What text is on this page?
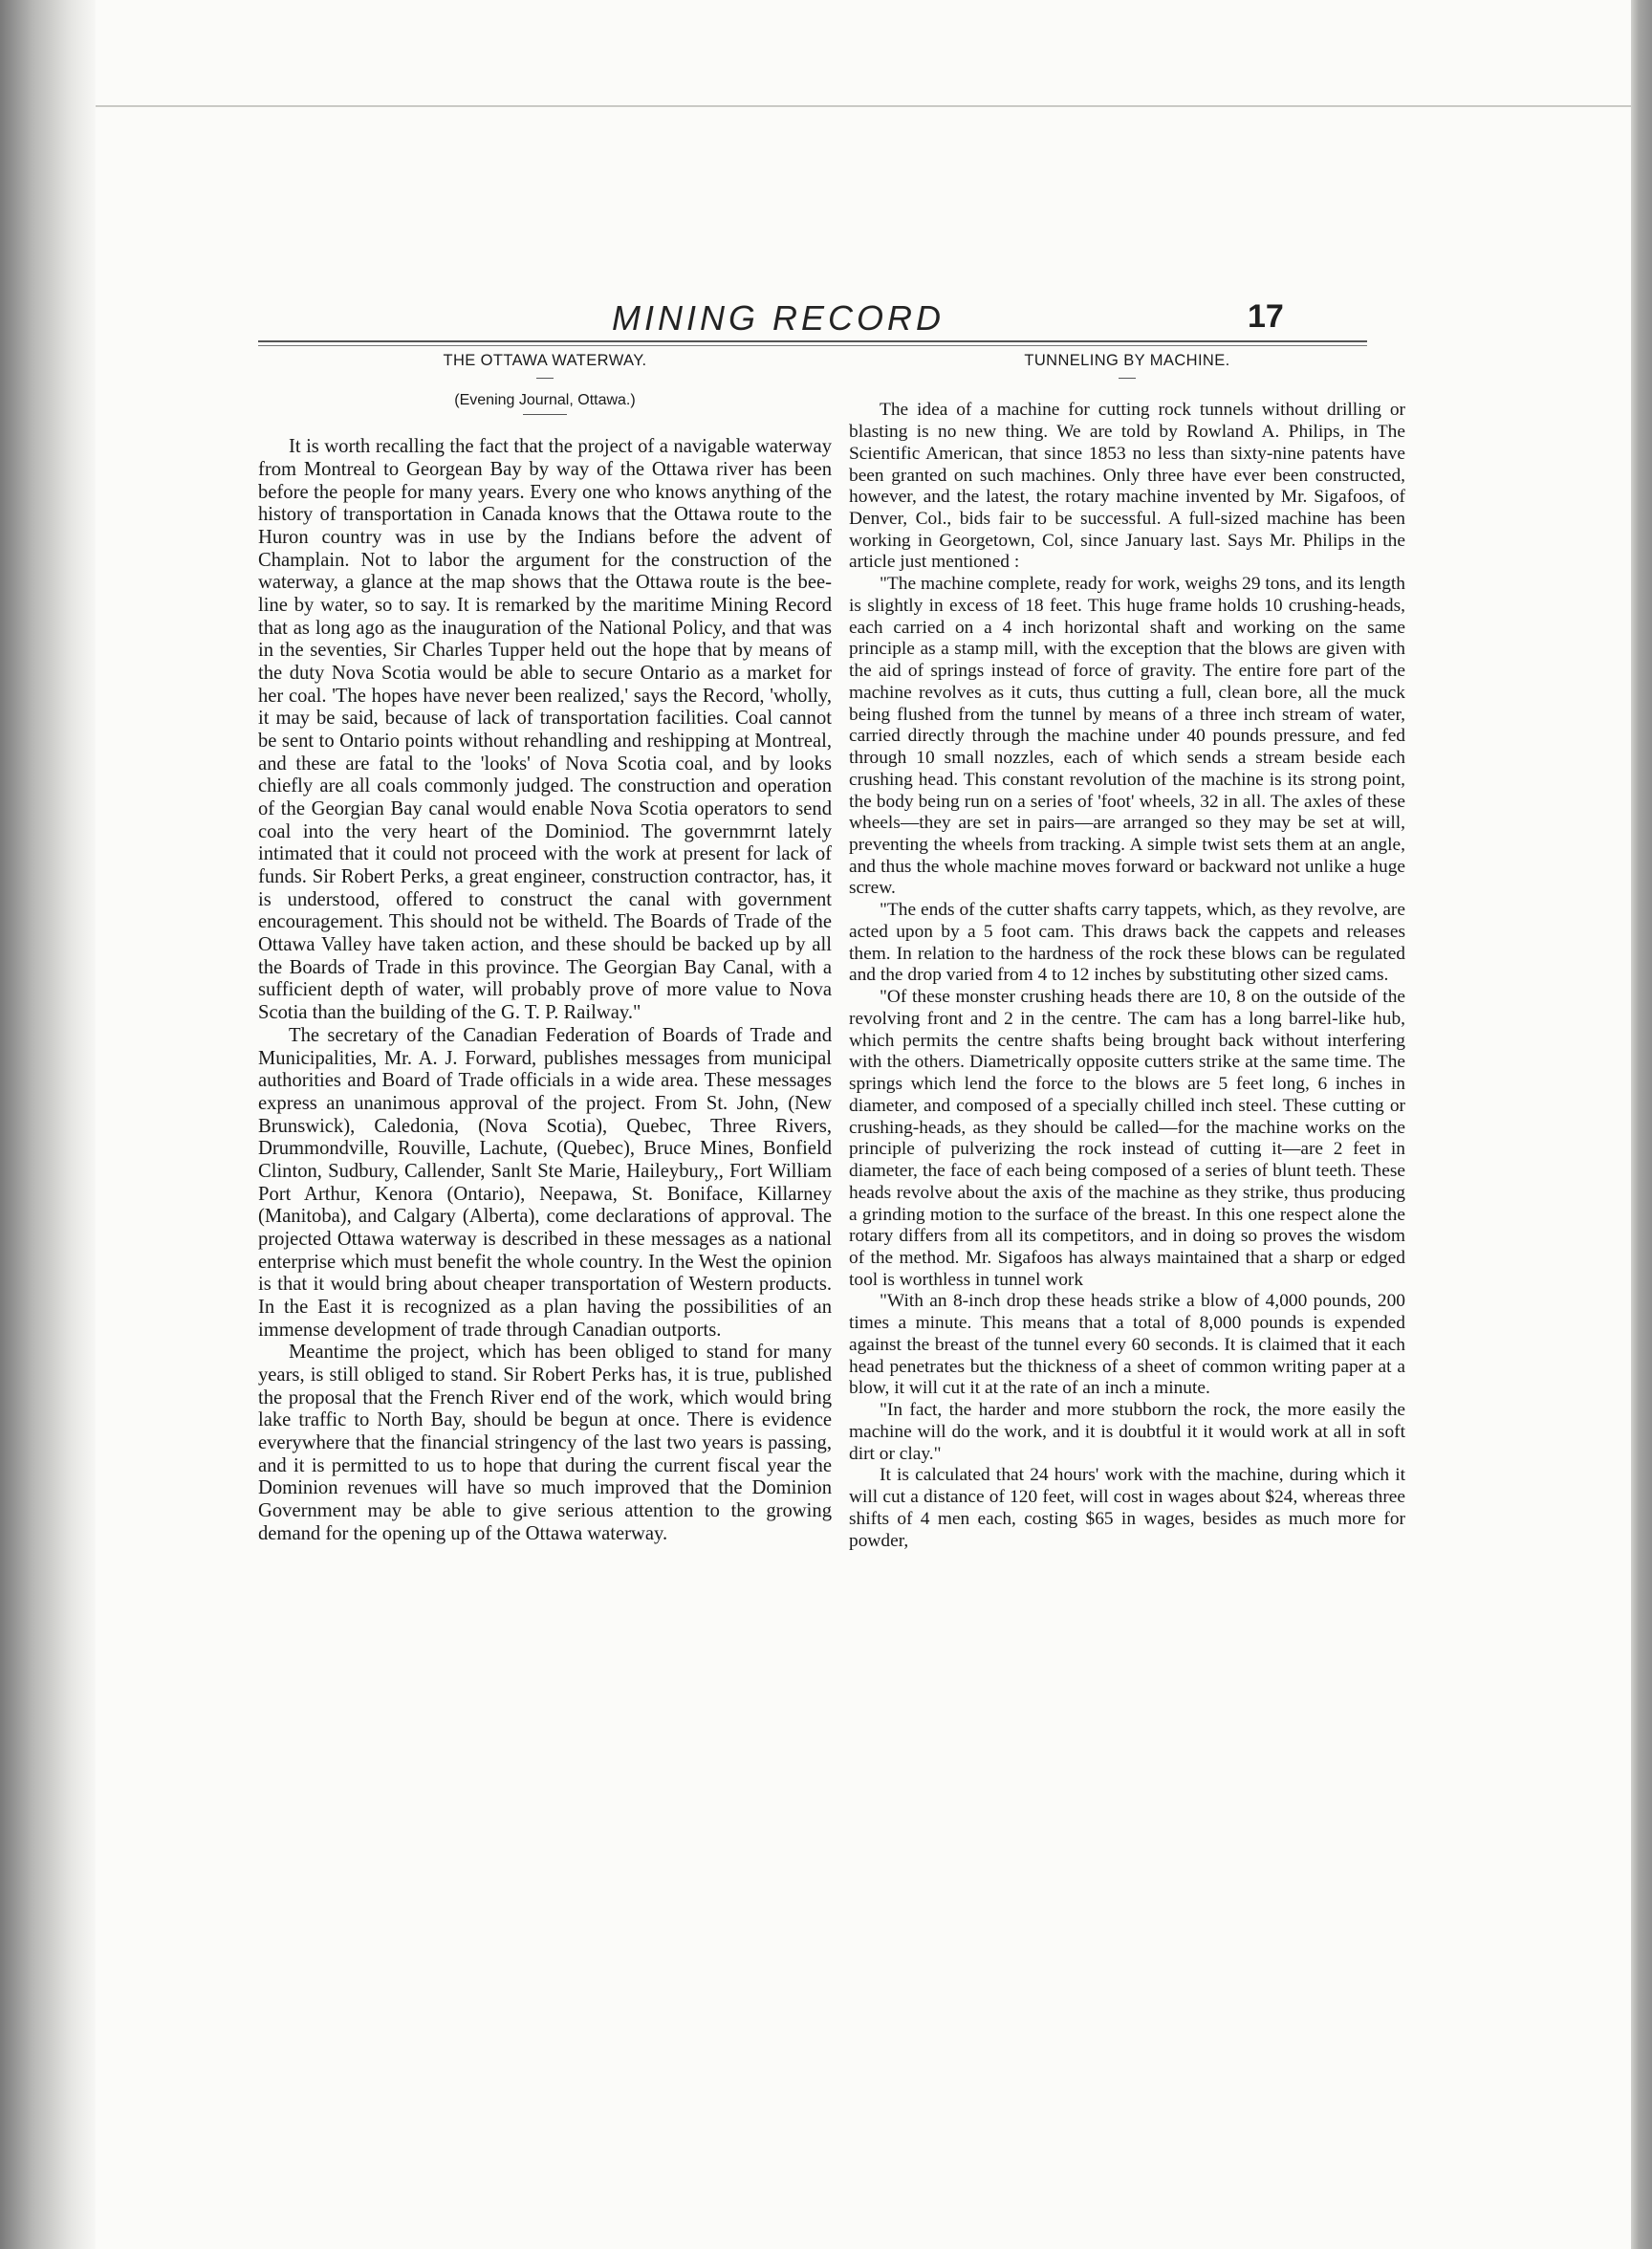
MINING RECORD	17
THE OTTAWA WATERWAY.
(Evening Journal, Ottawa.)

It is worth recalling the fact that the project of a navigable waterway from Montreal to Georgean Bay by way of the Ottawa river has been before the people for many years. Every one who knows anything of the history of transportation in Canada knows that the Ottawa route to the Huron country was in use by the Indians before the advent of Champlain. Not to labor the argument for the construction of the waterway, a glance at the map shows that the Ottawa route is the bee-line by water, so to say. It is remarked by the maritime Mining Record that as long ago as the inauguration of the National Policy, and that was in the seventies, Sir Charles Tupper held out the hope that by means of the duty Nova Scotia would be able to secure Ontario as a market for her coal. 'The hopes have never been realized,' says the Record, 'wholly, it may be said, because of lack of transportation facilities. Coal cannot be sent to Ontario points without rehandling and reshipping at Montreal, and these are fatal to the 'looks' of Nova Scotia coal, and by looks chiefly are all coals commonly judged. The construction and operation of the Georgian Bay canal would enable Nova Scotia operators to send coal into the very heart of the Dominiod. The governmrnt lately intimated that it could not proceed with the work at present for lack of funds. Sir Robert Perks, a great engineer, construction contractor, has, it is understood, offered to construct the canal with government encouragement. This should not be witheld. The Boards of Trade of the Ottawa Valley have taken action, and these should be backed up by all the Boards of Trade in this province. The Georgian Bay Canal, with a sufficient depth of water, will probably prove of more value to Nova Scotia than the building of the G. T. P. Railway."

The secretary of the Canadian Federation of Boards of Trade and Municipalities, Mr. A. J. Forward, publishes messages from municipal authorities and Board of Trade officials in a wide area. These messages express an unanimous approval of the project. From St. John, (New Brunswick), Caledonia, (Nova Scotia), Quebec, Three Rivers, Drummondville, Rouville, Lachute, (Quebec), Bruce Mines, Bonfield Clinton, Sudbury, Callender, Sanlt Ste Marie, Haileybury,, Fort William Port Arthur, Kenora (Ontario), Neepawa, St. Boniface, Killarney (Manitoba), and Calgary (Alberta), come declarations of approval. The projected Ottawa waterway is described in these messages as a national enterprise which must benefit the whole country. In the West the opinion is that it would bring about cheaper transportation of Western products. In the East it is recognized as a plan having the possibilities of an immense development of trade through Canadian outports.

Meantime the project, which has been obliged to stand for many years, is still obliged to stand. Sir Robert Perks has, it is true, published the proposal that the French River end of the work, which would bring lake traffic to North Bay, should be begun at once. There is evidence everywhere that the financial stringency of the last two years is passing, and it is permitted to us to hope that during the current fiscal year the Dominion revenues will have so much improved that the Dominion Government may be able to give serious attention to the growing demand for the opening up of the Ottawa waterway.

TUNNELING BY MACHINE.

The idea of a machine for cutting rock tunnels without drilling or blasting is no new thing. We are told by Rowland A. Philips, in The Scientific American, that since 1853 no less than sixty-nine patents have been granted on such machines. Only three have ever been constructed, however, and the latest, the rotary machine invented by Mr. Sigafoos, of Denver, Col., bids fair to be successful. A full-sized machine has been working in Georgetown, Col, since January last. Says Mr. Philips in the article just mentioned :

"The machine complete, ready for work, weighs 29 tons, and its length is slightly in excess of 18 feet. This huge frame holds 10 crushing-heads, each carried on a 4 inch horizontal shaft and working on the same principle as a stamp mill, with the exception that the blows are given with the aid of springs instead of force of gravity. The entire fore part of the machine revolves as it cuts, thus cutting a full, clean bore, all the muck being flushed from the tunnel by means of a three inch stream of water, carried directly through the machine under 40 pounds pressure, and fed through 10 small nozzles, each of which sends a stream beside each crushing head. This constant revolution of the machine is its strong point, the body being run on a series of 'foot' wheels, 32 in all. The axles of these wheels—they are set in pairs—are arranged so they may be set at will, preventing the wheels from tracking. A simple twist sets them at an angle, and thus the whole machine moves forward or backward not unlike a huge screw.

"The ends of the cutter shafts carry tappets, which, as they revolve, are acted upon by a 5 foot cam. This draws back the cappets and releases them. In relation to the hardness of the rock these blows can be regulated and the drop varied from 4 to 12 inches by substituting other sized cams.

"Of these monster crushing heads there are 10, 8 on the outside of the revolving front and 2 in the centre. The cam has a long barrel-like hub, which permits the centre shafts being brought back without interfering with the others. Diametrically opposite cutters strike at the same time. The springs which lend the force to the blows are 5 feet long, 6 inches in diameter, and composed of a specially chilled inch steel. These cutting or crushing-heads, as they should be called—for the machine works on the principle of pulverizing the rock instead of cutting it—are 2 feet in diameter, the face of each being composed of a series of blunt teeth. These heads revolve about the axis of the machine as they strike, thus producing a grinding motion to the surface of the breast. In this one respect alone the rotary differs from all its competitors, and in doing so proves the wisdom of the method. Mr. Sigafoos has always maintained that a sharp or edged tool is worthless in tunnel work

"With an 8-inch drop these heads strike a blow of 4,000 pounds, 200 times a minute. This means that a total of 8,000 pounds is expended against the breast of the tunnel every 60 seconds. It is claimed that it each head penetrates but the thickness of a sheet of common writing paper at a blow, it will cut it at the rate of an inch a minute.

"In fact, the harder and more stubborn the rock, the more easily the machine will do the work, and it is doubtful it it would work at all in soft dirt or clay."

It is calculated that 24 hours' work with the machine, during which it will cut a distance of 120 feet, will cost in wages about $24, whereas three shifts of 4 men each, costing $65 in wages, besides as much more for powder,
